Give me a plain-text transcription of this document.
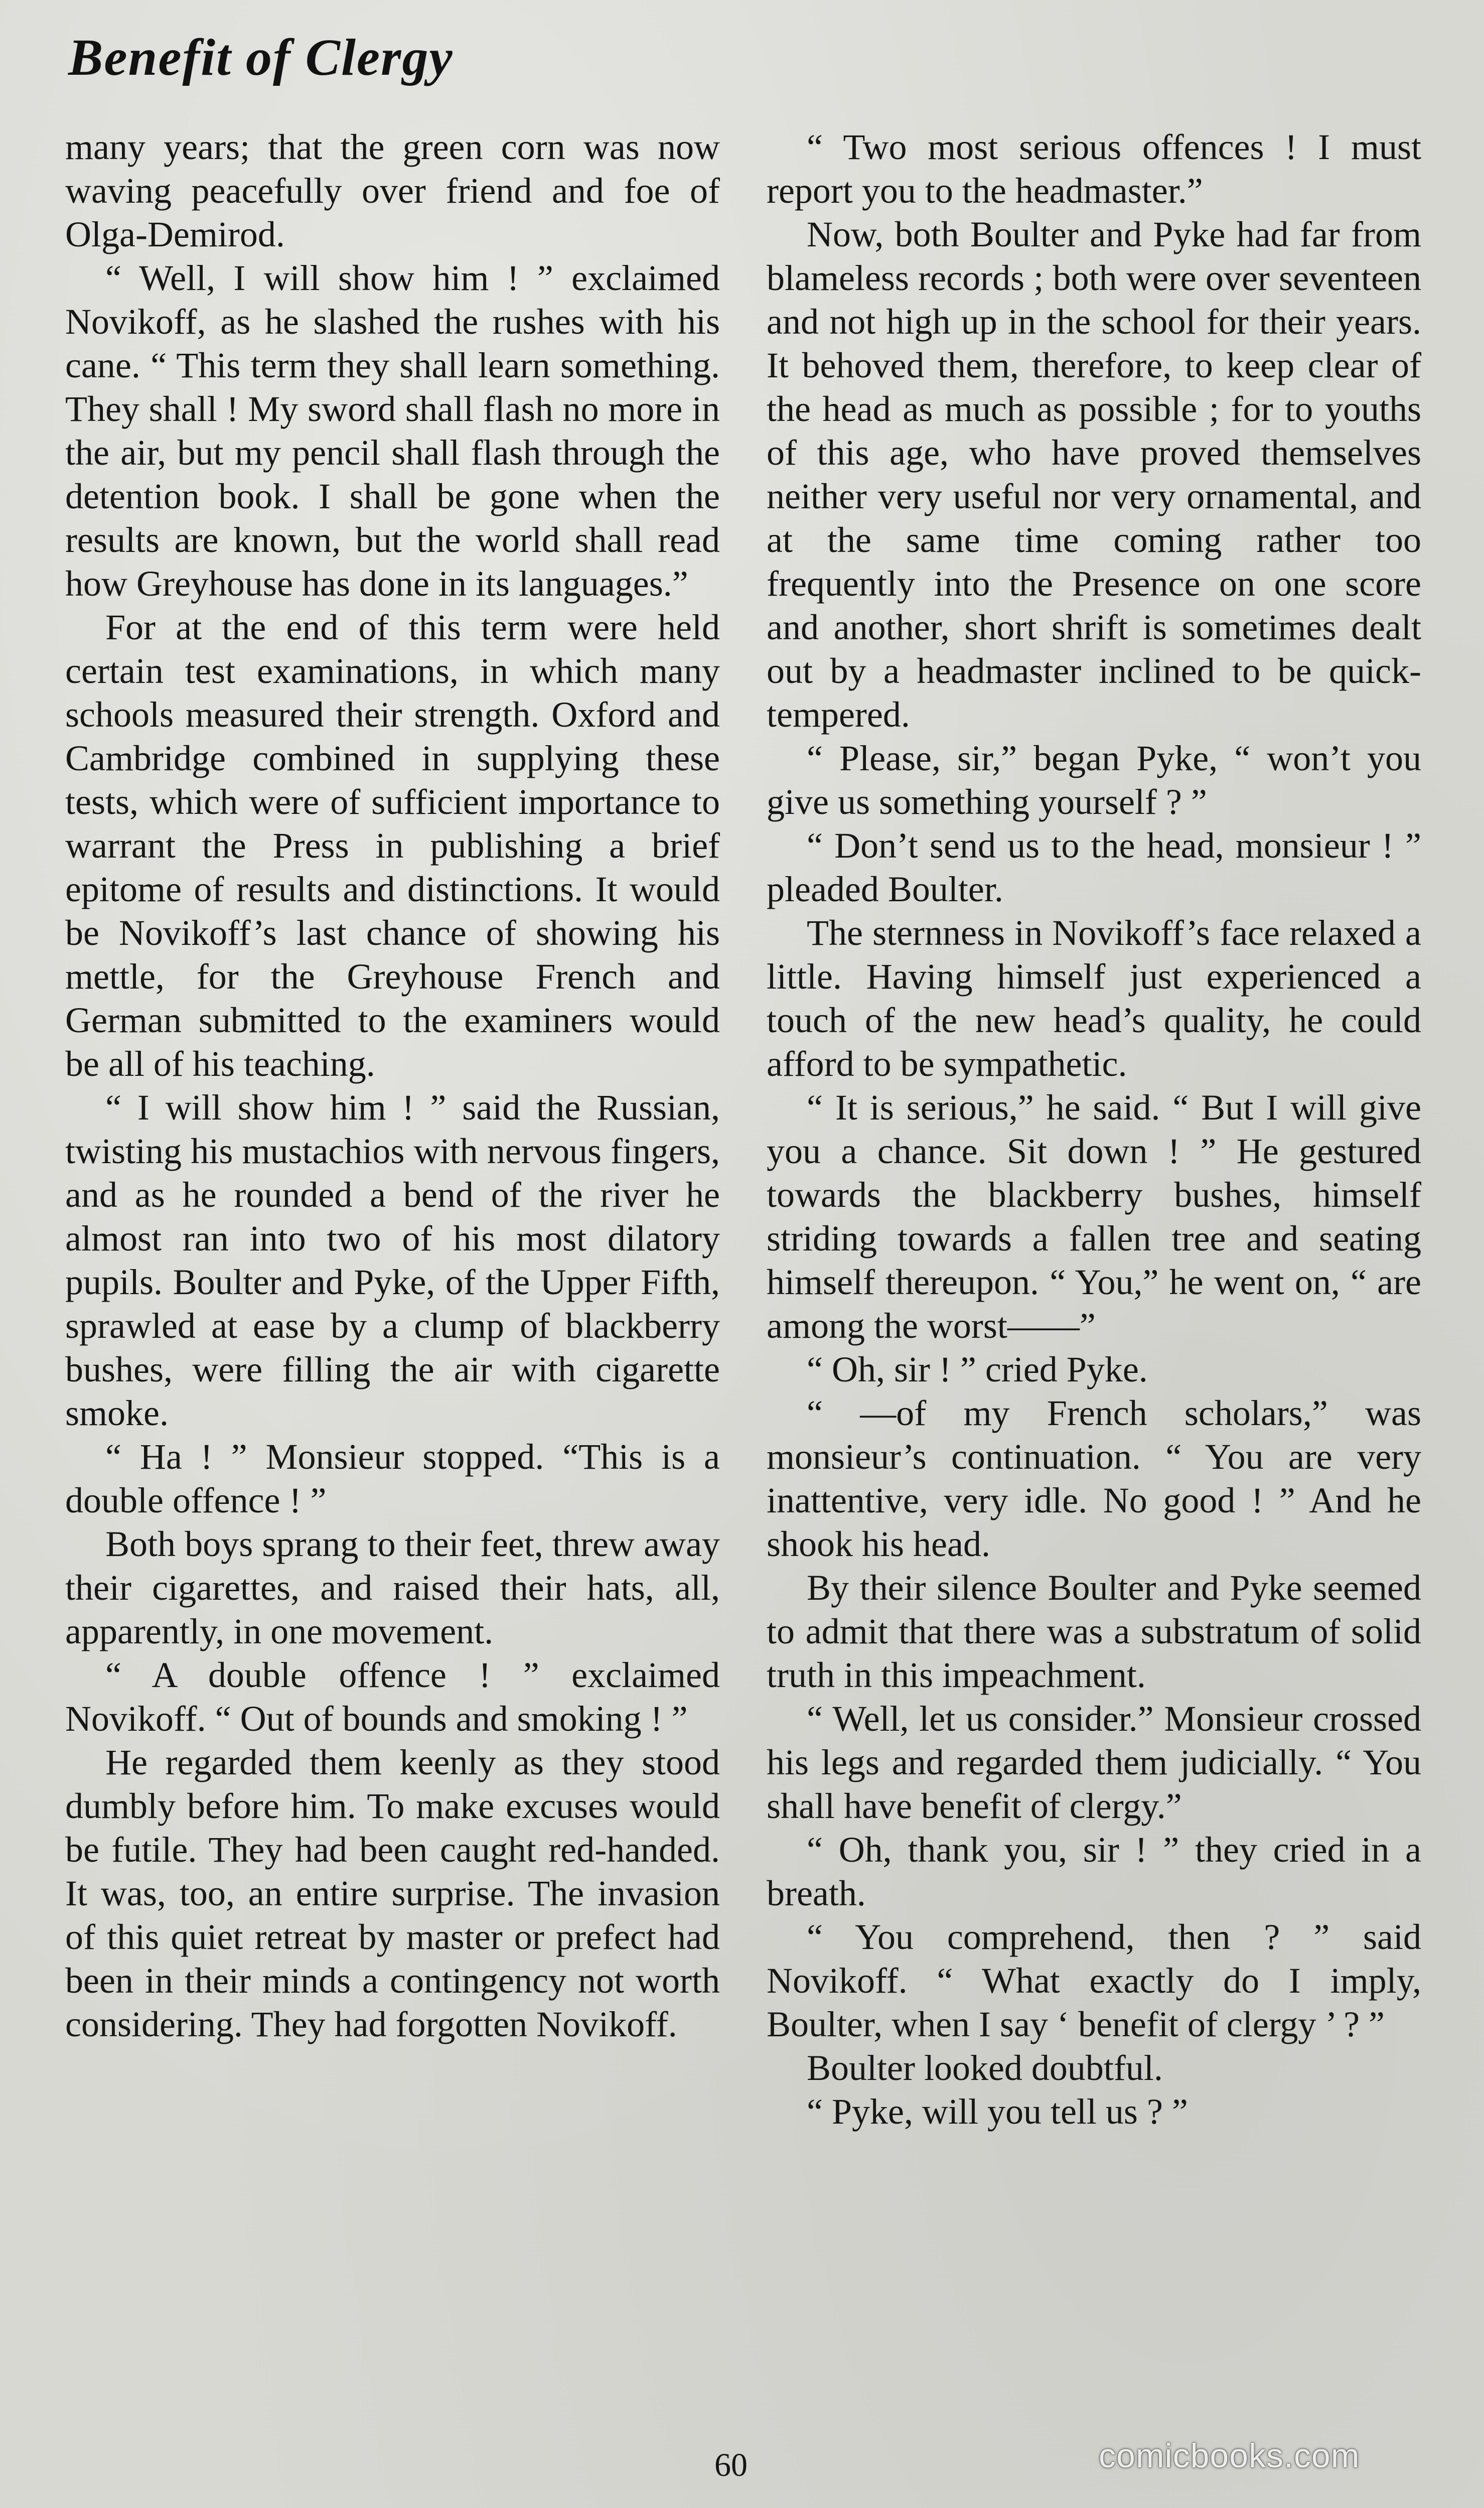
Benefit of Clergy

many years; that the green corn was now waving peacefully over friend and foe of Olga-Demirod.

“ Well, I will show him ! ” exclaimed Novikoff, as he slashed the rushes with his cane. “ This term they shall learn something. They shall ! My sword shall flash no more in the air, but my pencil shall flash through the detention book. I shall be gone when the results are known, but the world shall read how Greyhouse has done in its languages.”

For at the end of this term were held certain test examinations, in which many schools measured their strength. Oxford and Cambridge combined in supplying these tests, which were of sufficient importance to warrant the Press in publishing a brief epitome of results and distinctions. It would be Novikoff’s last chance of showing his mettle, for the Greyhouse French and German submitted to the examiners would be all of his teaching.

“ I will show him ! ” said the Russian, twisting his mustachios with nervous fingers, and as he rounded a bend of the river he almost ran into two of his most dilatory pupils. Boulter and Pyke, of the Upper Fifth, sprawled at ease by a clump of blackberry bushes, were filling the air with cigarette smoke.

“ Ha ! ” Monsieur stopped. “This is a double offence ! ”

Both boys sprang to their feet, threw away their cigarettes, and raised their hats, all, apparently, in one movement.

“ A double offence ! ” exclaimed Novikoff. “ Out of bounds and smoking ! ”

He regarded them keenly as they stood dumbly before him. To make excuses would be futile. They had been caught red-handed. It was, too, an entire surprise. The invasion of this quiet retreat by master or prefect had been in their minds a contingency not worth considering. They had forgotten Novikoff.

“ Two most serious offences ! I must report you to the headmaster.”

Now, both Boulter and Pyke had far from blameless records ; both were over seventeen and not high up in the school for their years. It behoved them, therefore, to keep clear of the head as much as possible ; for to youths of this age, who have proved themselves neither very useful nor very ornamental, and at the same time coming rather too frequently into the Presence on one score and another, short shrift is sometimes dealt out by a headmaster inclined to be quick-tempered.

“ Please, sir,” began Pyke, “ won’t you give us something yourself ? ”

“ Don’t send us to the head, monsieur ! ” pleaded Boulter.

The sternness in Novikoff’s face relaxed a little. Having himself just experienced a touch of the new head’s quality, he could afford to be sympathetic.

“ It is serious,” he said. “ But I will give you a chance. Sit down ! ” He gestured towards the blackberry bushes, himself striding towards a fallen tree and seating himself thereupon. “ You,” he went on, “ are among the worst——”

“ Oh, sir ! ” cried Pyke.

“ —of my French scholars,” was monsieur’s continuation. “ You are very inattentive, very idle. No good ! ” And he shook his head.

By their silence Boulter and Pyke seemed to admit that there was a substratum of solid truth in this impeachment.

“ Well, let us consider.” Monsieur crossed his legs and regarded them judicially. “ You shall have benefit of clergy.”

“ Oh, thank you, sir ! ” they cried in a breath.

“ You comprehend, then ? ” said Novikoff. “ What exactly do I imply, Boulter, when I say ‘ benefit of clergy ’ ? ”

Boulter looked doubtful.

“ Pyke, will you tell us ? ”

60	comicbooks.com
